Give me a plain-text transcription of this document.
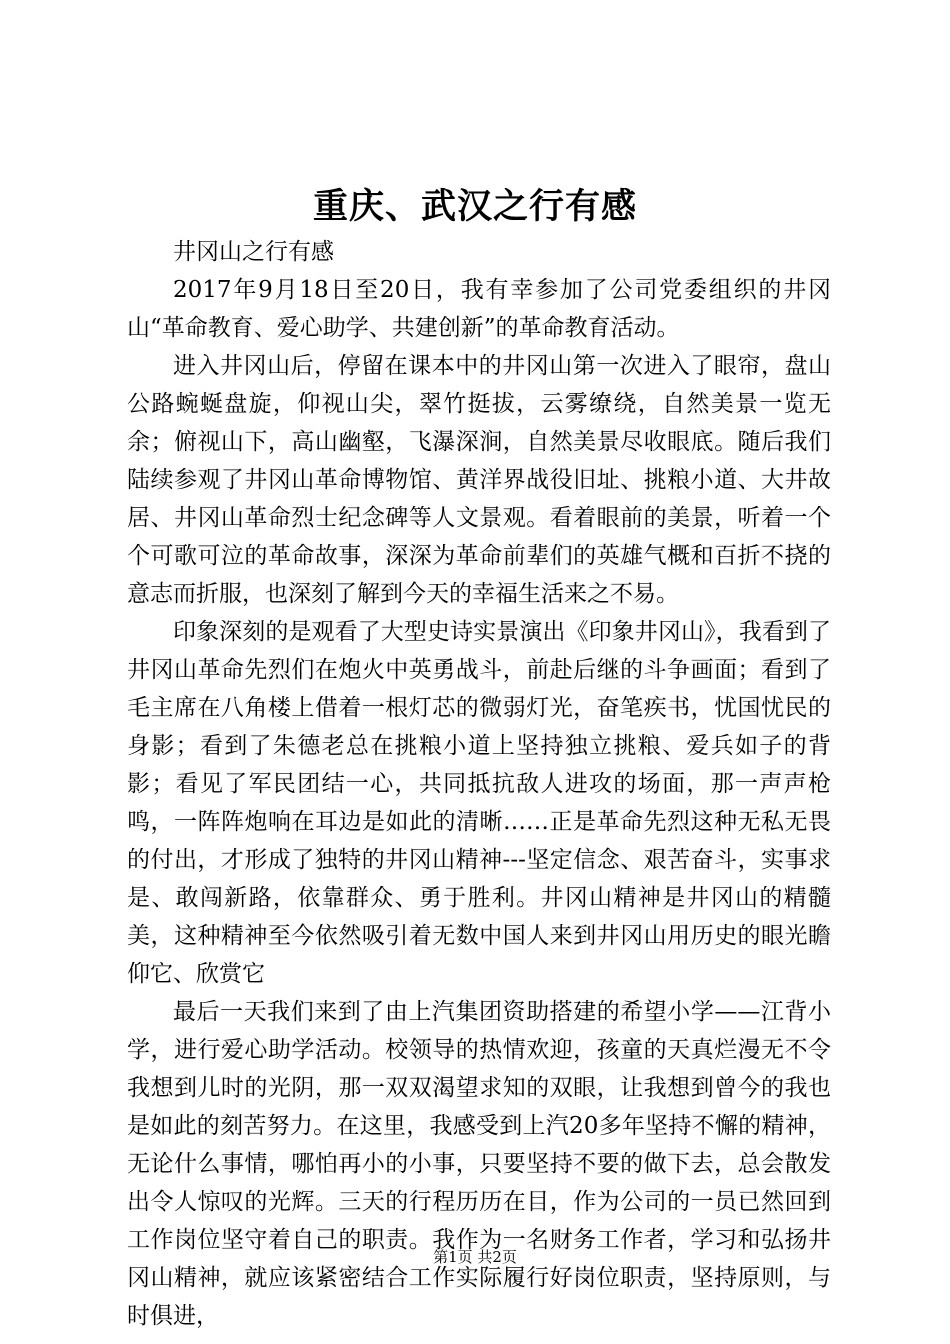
重庆、武汉之行有感

井冈山之行有感

2017年9月18日至20日，我有幸参加了公司党委组织的井冈山“革命教育、爱心助学、共建创新”的革命教育活动。

进入井冈山后，停留在课本中的井冈山第一次进入了眼帘，盘山公路蜿蜒盘旋，仰视山尖，翠竹挺拔，云雾缭绕，自然美景一览无余；俯视山下，高山幽壑，飞瀑深涧，自然美景尽收眼底。随后我们陆续参观了井冈山革命博物馆、黄洋界战役旧址、挑粮小道、大井故居、井冈山革命烈士纪念碑等人文景观。看着眼前的美景，听着一个个可歌可泣的革命故事，深深为革命前辈们的英雄气概和百折不挠的意志而折服，也深刻了解到今天的幸福生活来之不易。

印象深刻的是观看了大型史诗实景演出《印象井冈山》，我看到了井冈山革命先烈们在炮火中英勇战斗，前赴后继的斗争画面；看到了毛主席在八角楼上借着一根灯芯的微弱灯光，奋笔疾书，忧国忧民的身影；看到了朱德老总在挑粮小道上坚持独立挑粮、爱兵如子的背影；看见了军民团结一心，共同抵抗敌人进攻的场面，那一声声枪鸣，一阵阵炮响在耳边是如此的清晰……正是革命先烈这种无私无畏的付出，才形成了独特的井冈山精神---坚定信念、艰苦奋斗，实事求是、敢闯新路，依靠群众、勇于胜利。井冈山精神是井冈山的精髓美，这种精神至今依然吸引着无数中国人来到井冈山用历史的眼光瞻仰它、欣赏它

最后一天我们来到了由上汽集团资助搭建的希望小学——江背小学，进行爱心助学活动。校领导的热情欢迎，孩童的天真烂漫无不令我想到儿时的光阴，那一双双渴望求知的双眼，让我想到曾今的我也是如此的刻苦努力。在这里，我感受到上汽20多年坚持不懈的精神，无论什么事情，哪怕再小的小事，只要坚持不要的做下去，总会散发出令人惊叹的光辉。三天的行程历历在目，作为公司的一员已然回到工作岗位坚守着自己的职责。我作为一名财务工作者，学习和弘扬井冈山精神，就应该紧密结合工作实际履行好岗位职责，坚持原则，与时俱进，

第1页 共2页
